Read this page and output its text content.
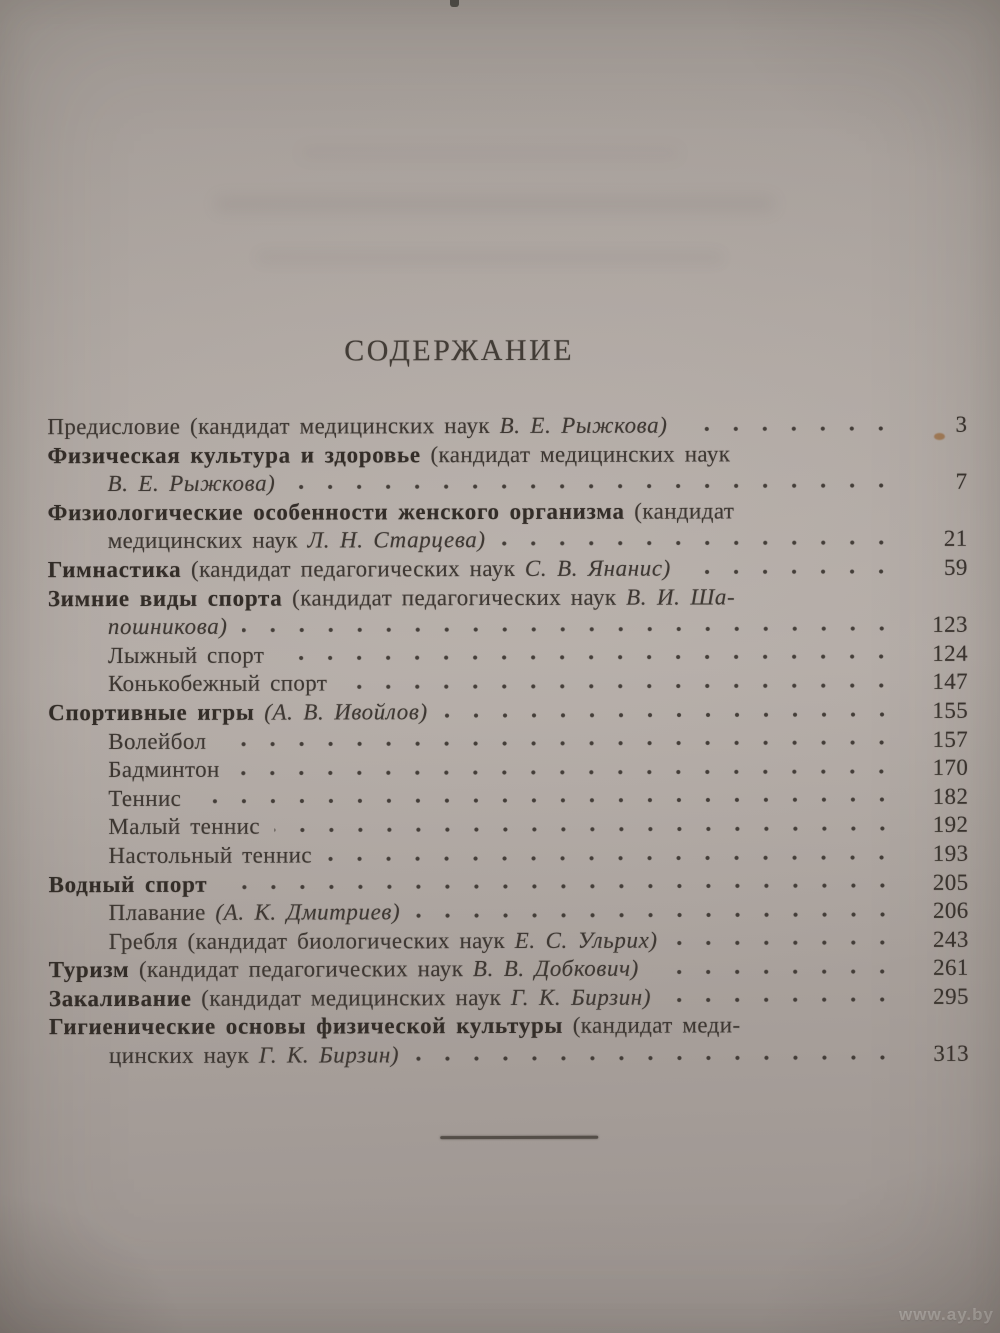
СОДЕРЖАНИЕ
Предисловие (кандидат медицинских наук В. Е. Рыжкова)	3
Физическая культура и здоровье (кандидат медицинских наук
В. Е. Рыжкова)	7
Физиологические особенности женского организма (кандидат
медицинских наук Л. Н. Старцева)	21
Гимнастика (кандидат педагогических наук С. В. Янанис)	59
Зимние виды спорта (кандидат педагогических наук В. И. Ша-
пошникова)	123
Лыжный спорт	124
Конькобежный спорт	147
Спортивные игры (А. В. Ивойлов)	155
Волейбол	157
Бадминтон	170
Теннис	182
Малый теннис	192
Настольный теннис	193
Водный спорт	205
Плавание (А. К. Дмитриев)	206
Гребля (кандидат биологических наук Е. С. Ульрих)	243
Туризм (кандидат педагогических наук В. В. Добкович)	261
Закаливание (кандидат медицинских наук Г. К. Бирзин)	295
Гигиенические основы физической культуры (кандидат меди-
цинских наук Г. К. Бирзин)	313
www.ay.by
